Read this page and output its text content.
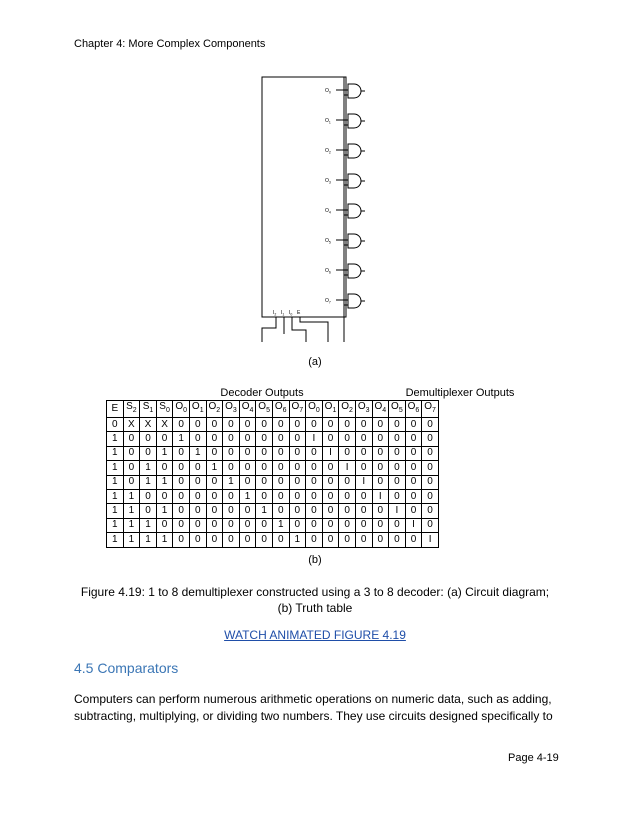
Chapter 4: More Complex Components
$O_0$
$O_1$
$O_2$
$O_3$
$O_4$
$O_5$
$O_6$
$O_7$
$I_2$ $I_1$ $I_0$ E
(a)
Decoder Outputs	Demultiplexer Outputs
E	$S_2$	$S_1$	$S_0$	$O_0$	$O_1$	$O_2$	$O_3$	$O_4$	$O_5$	$O_6$	$O_7$	$O_0$	$O_1$	$O_2$	$O_3$	$O_4$	$O_5$	$O_6$	$O_7$
0	X	X	X	0	0	0	0	0	0	0	0	0	0	0	0	0	0	0	0
1	0	0	0	1	0	0	0	0	0	0	0	I	0	0	0	0	0	0	0
1	0	0	1	0	1	0	0	0	0	0	0	0	I	0	0	0	0	0	0
1	0	1	0	0	0	1	0	0	0	0	0	0	0	I	0	0	0	0	0
1	0	1	1	0	0	0	1	0	0	0	0	0	0	0	I	0	0	0	0
1	1	0	0	0	0	0	0	1	0	0	0	0	0	0	0	I	0	0	0
1	1	0	1	0	0	0	0	0	1	0	0	0	0	0	0	0	I	0	0
1	1	1	0	0	0	0	0	0	0	1	0	0	0	0	0	0	0	I	0
1	1	1	1	0	0	0	0	0	0	0	1	0	0	0	0	0	0	0	I
(b)
Figure 4.19: 1 to 8 demultiplexer constructed using a 3 to 8 decoder: (a) Circuit diagram; (b) Truth table
WATCH ANIMATED FIGURE 4.19
4.5 Comparators
Computers can perform numerous arithmetic operations on numeric data, such as adding, subtracting, multiplying, or dividing two numbers. They use circuits designed specifically to
Page 4-19
